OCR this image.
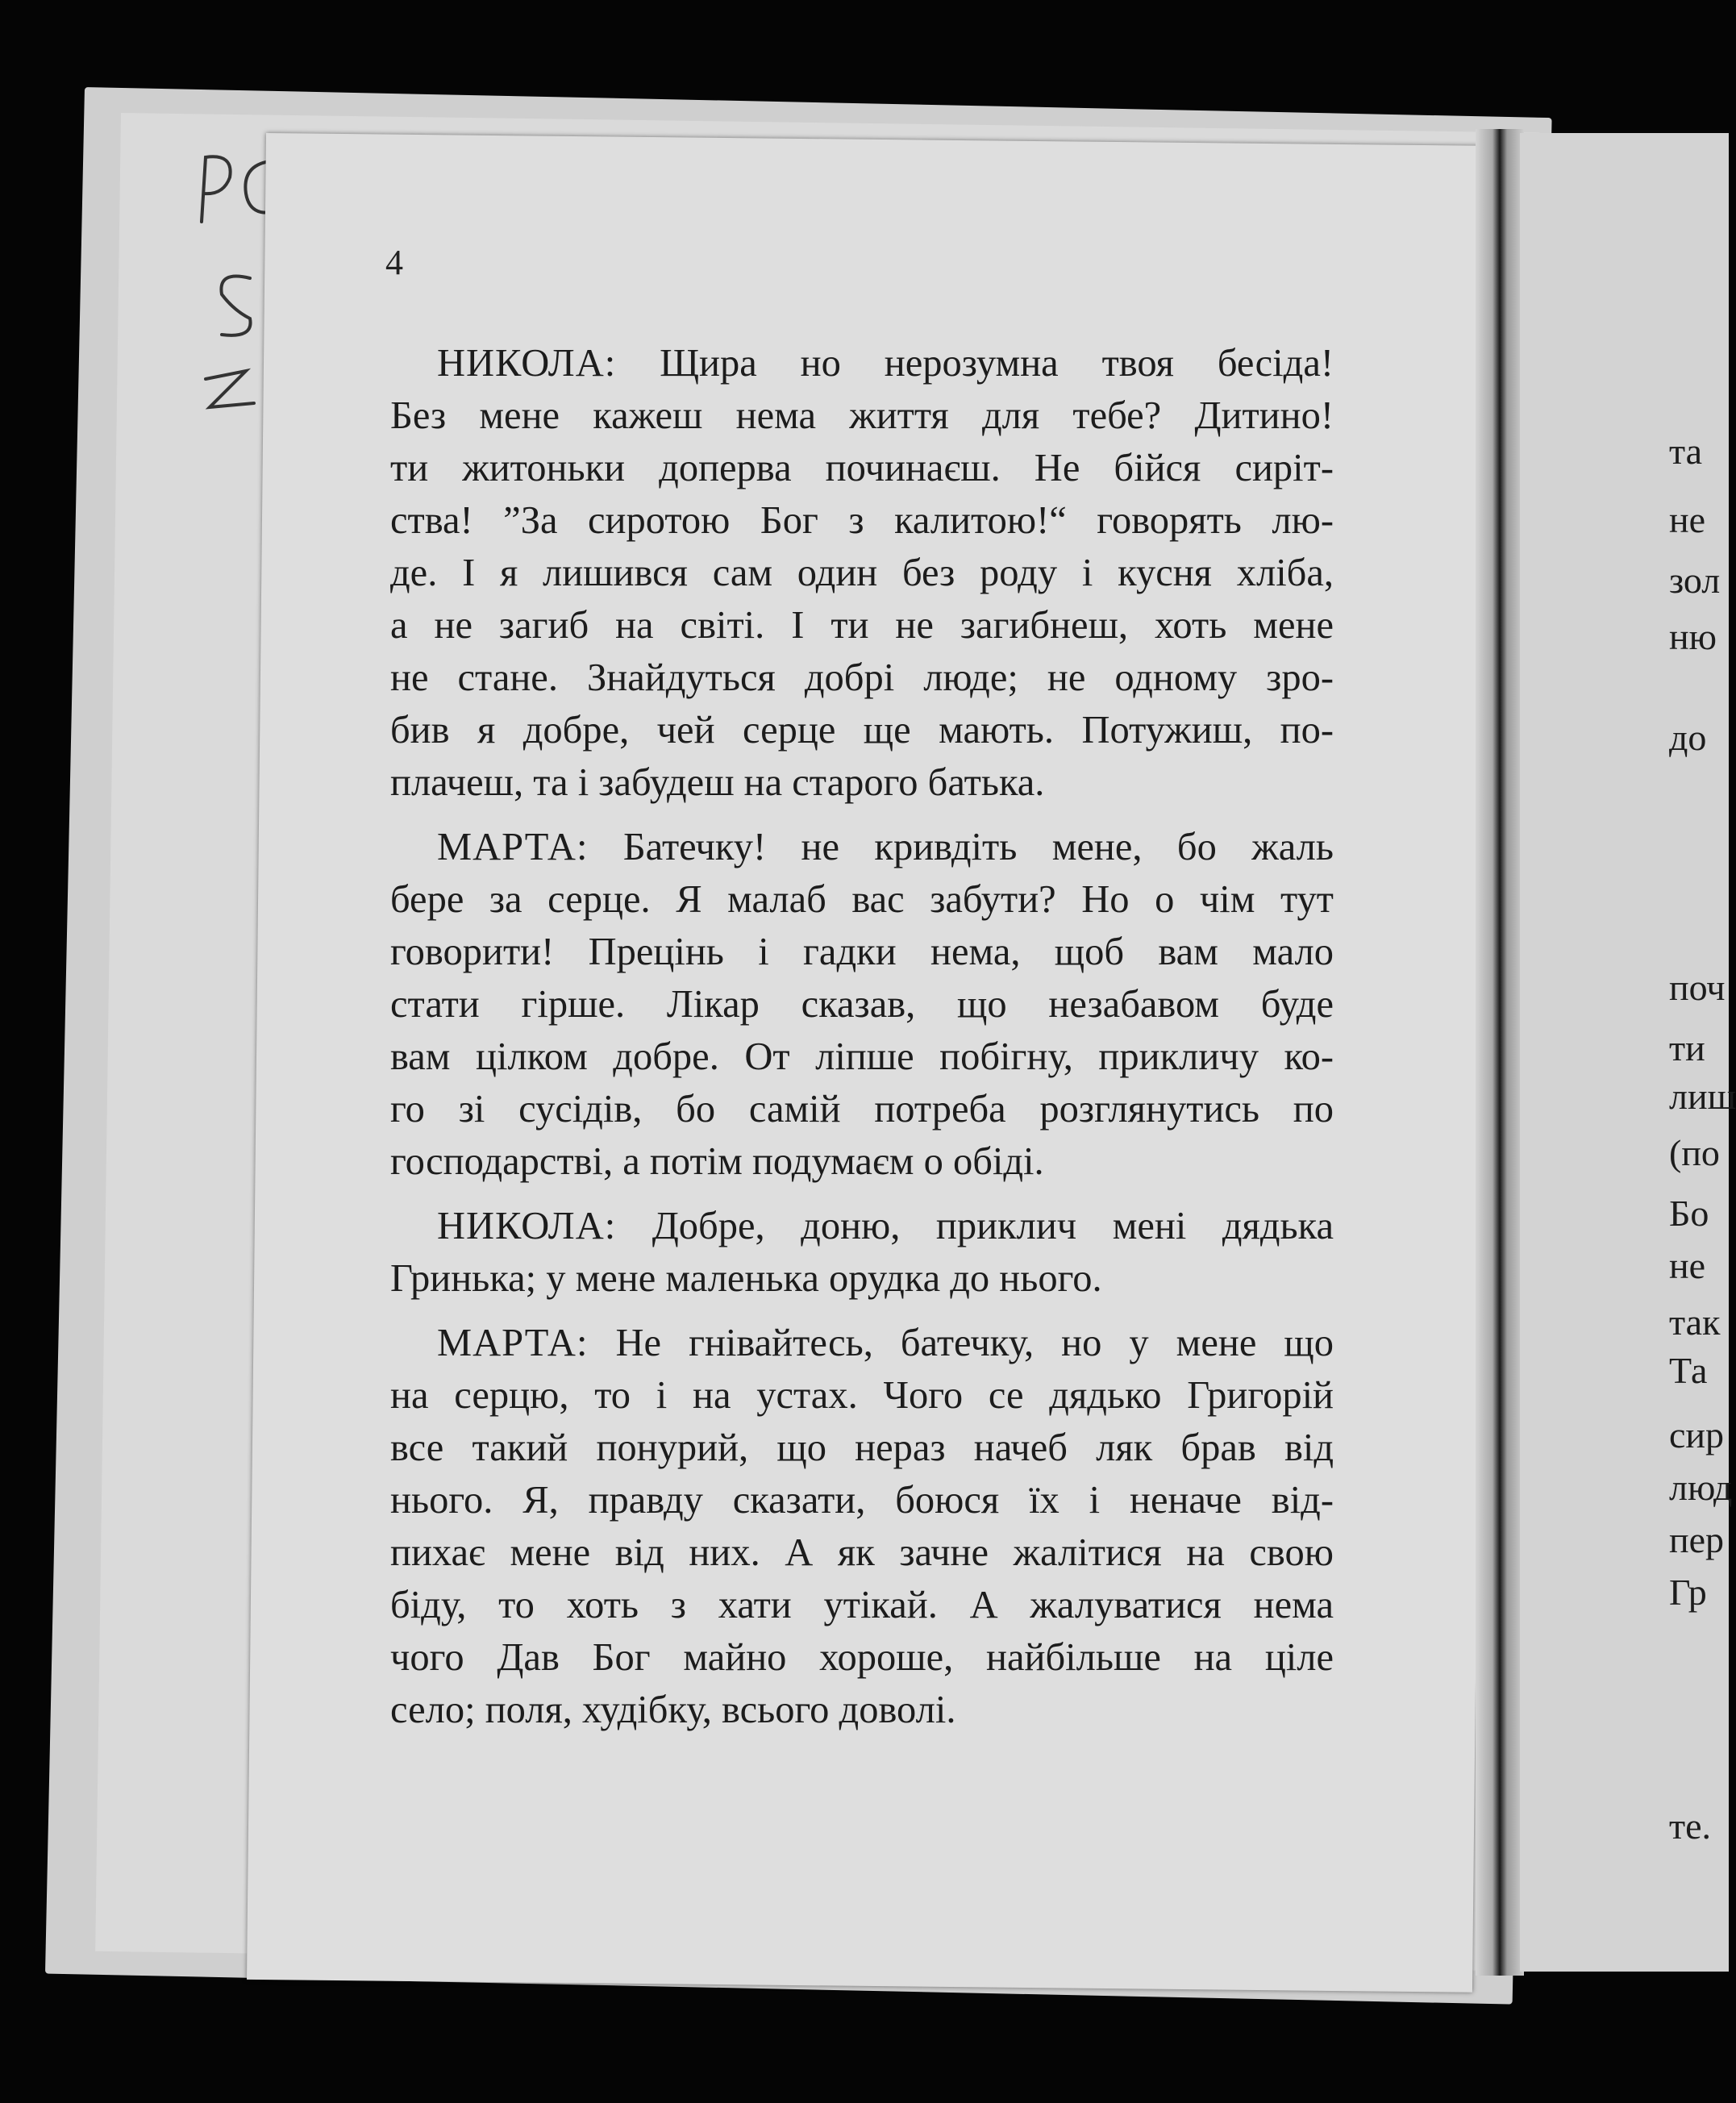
4
НИКОЛА: Щира но нерозумна твоя бесіда!
Без мене кажеш нема життя для тебе? Дитино!
ти житоньки доперва починаєш. Не бійся сиріт-
ства! ”За сиротою Бог з калитою!“ говорять лю-
де. І я лишився сам один без роду і кусня хліба,
а не загиб на світі. І ти не загибнеш, хоть мене
не стане. Знайдуться добрі люде; не одному зро-
бив я добре, чей серце ще мають. Потужиш, по-
плачеш, та і забудеш на старого батька.
МАРТА: Батечку! не кривдіть мене, бо жаль
бере за серце. Я малаб вас забути? Но о чім тут
говорити! Прецінь і гадки нема, щоб вам мало
стати гірше. Лікар сказав, що незабавом буде
вам цілком добре. От ліпше побігну, прикличу ко-
го зі сусідів, бо самій потреба розглянутись по
господарстві, а потім подумаєм о обіді.
НИКОЛА: Добре, доню, приклич мені дядька
Гринька; у мене маленька орудка до нього.
МАРТА: Не гнівайтесь, батечку, но у мене що
на серцю, то і на устах. Чого се дядько Григорій
все такий понурий, що нераз начеб ляк брав від
нього. Я, правду сказати, боюся їх і неначе від-
пихає мене від них. А як зачне жалітися на свою
біду, то хоть з хати утікай. А жалуватися нема
чого Дав Бог майно хороше, найбільше на ціле
село; поля, худібку, всього доволі.
та
не
зол
ню
до
поч
ти
лиш
(по
Бо
не
так
Та
сир
люд
пер
Гр
те.
